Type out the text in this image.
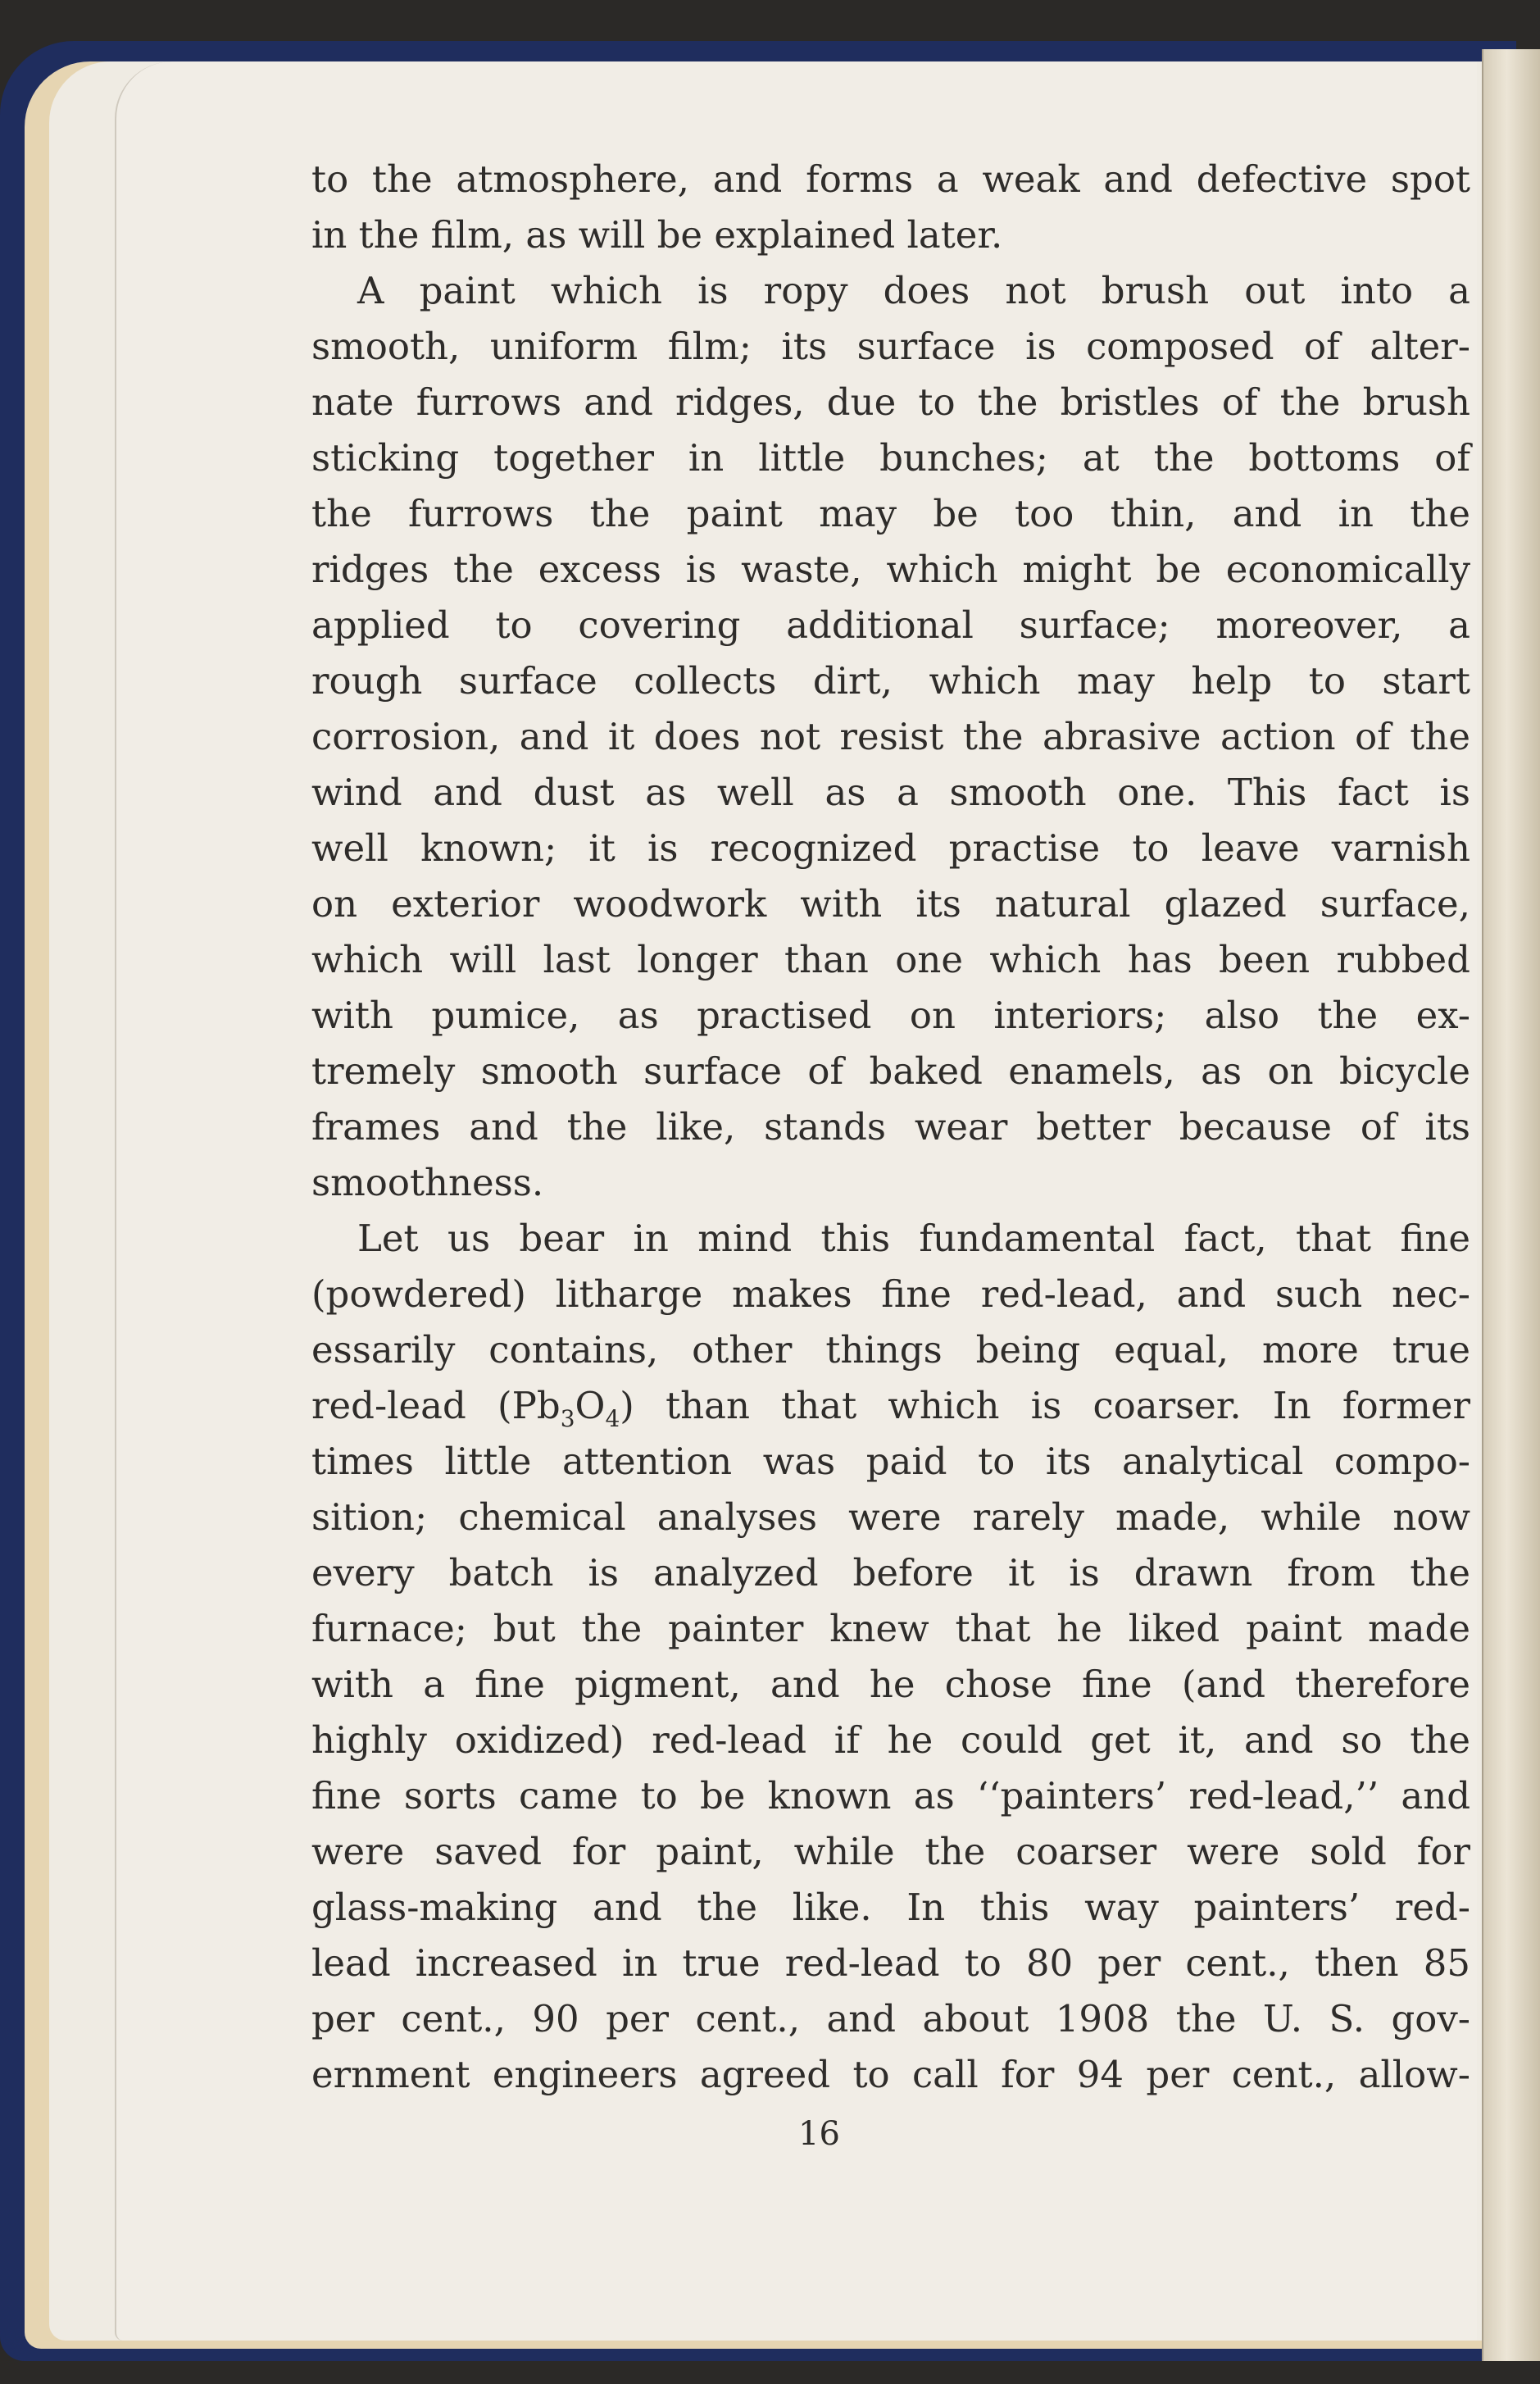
to the atmosphere, and forms a weak and defective spot
in the film, as will be explained later.
A paint which is ropy does not brush out into a
smooth, uniform film; its surface is composed of alter-
nate furrows and ridges, due to the bristles of the brush
sticking together in little bunches; at the bottoms of
the furrows the paint may be too thin, and in the
ridges the excess is waste, which might be economically
applied to covering additional surface; moreover, a
rough surface collects dirt, which may help to start
corrosion, and it does not resist the abrasive action of the
wind and dust as well as a smooth one. This fact is
well known; it is recognized practise to leave varnish
on exterior woodwork with its natural glazed surface,
which will last longer than one which has been rubbed
with pumice, as practised on interiors; also the ex-
tremely smooth surface of baked enamels, as on bicycle
frames and the like, stands wear better because of its
smoothness.
Let us bear in mind this fundamental fact, that fine
(powdered) litharge makes fine red-lead, and such nec-
essarily contains, other things being equal, more true
red-lead $(Pb_3O_4)$ than that which is coarser. In former
times little attention was paid to its analytical compo-
sition; chemical analyses were rarely made, while now
every batch is analyzed before it is drawn from the
furnace; but the painter knew that he liked paint made
with a fine pigment, and he chose fine (and therefore
highly oxidized) red-lead if he could get it, and so the
fine sorts came to be known as ‘‘painters’ red-lead,’’ and
were saved for paint, while the coarser were sold for
glass-making and the like. In this way painters’ red-
lead increased in true red-lead to 80 per cent., then 85
per cent., 90 per cent., and about 1908 the U. S. gov-
ernment engineers agreed to call for 94 per cent., allow-
16
